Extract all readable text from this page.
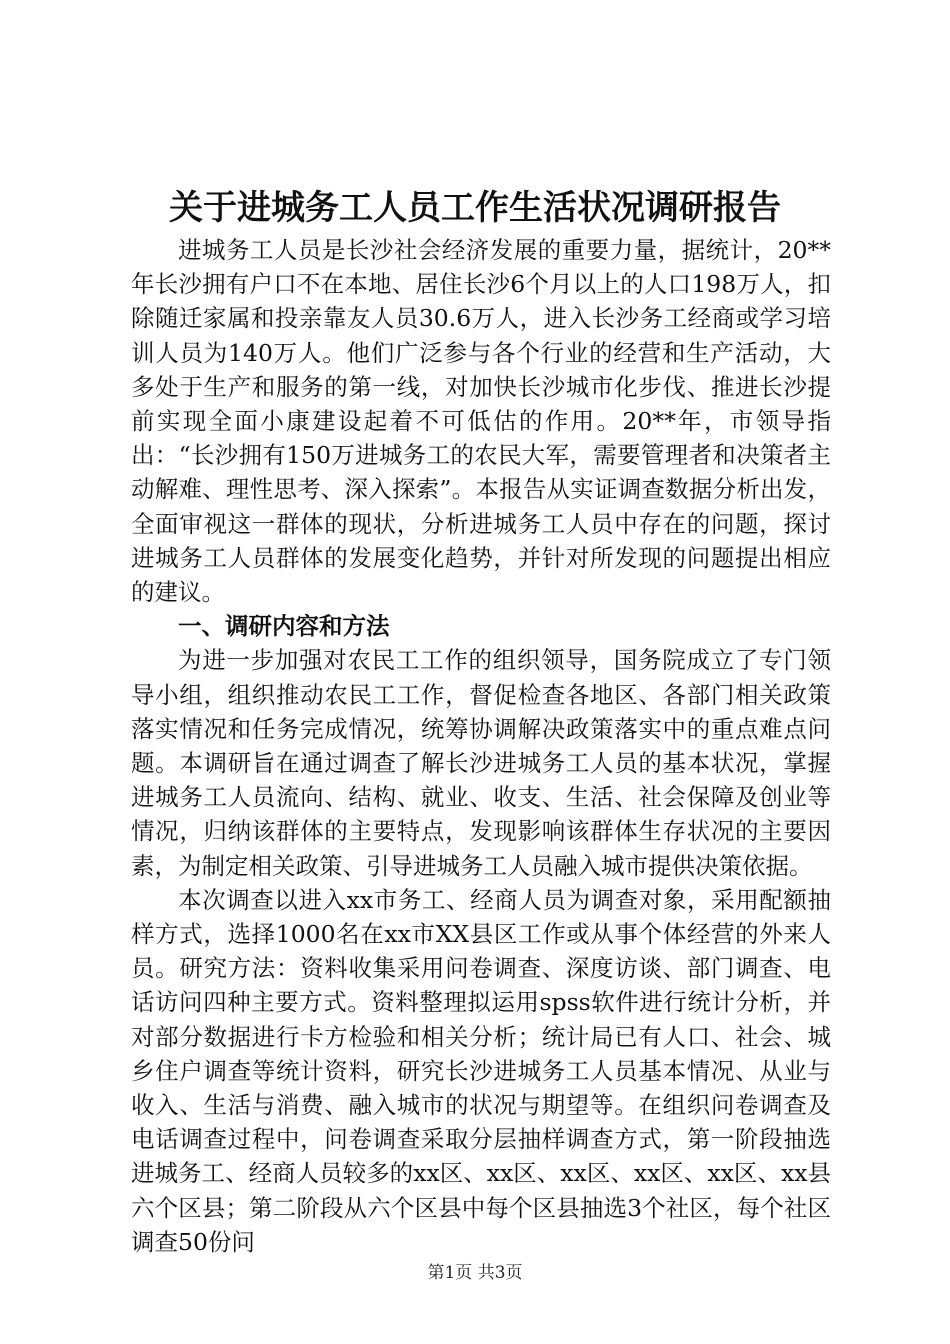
关于进城务工人员工作生活状况调研报告

进城务工人员是长沙社会经济发展的重要力量，据统计，20**年长沙拥有户口不在本地、居住长沙6个月以上的人口198万人，扣除随迁家属和投亲靠友人员30.6万人，进入长沙务工经商或学习培训人员为140万人。他们广泛参与各个行业的经营和生产活动，大多处于生产和服务的第一线，对加快长沙城市化步伐、推进长沙提前实现全面小康建设起着不可低估的作用。20**年，市领导指出：“长沙拥有150万进城务工的农民大军，需要管理者和决策者主动解难、理性思考、深入探索”。本报告从实证调查数据分析出发，全面审视这一群体的现状，分析进城务工人员中存在的问题，探讨进城务工人员群体的发展变化趋势，并针对所发现的问题提出相应的建议。

一、调研内容和方法

为进一步加强对农民工工作的组织领导，国务院成立了专门领导小组，组织推动农民工工作，督促检查各地区、各部门相关政策落实情况和任务完成情况，统筹协调解决政策落实中的重点难点问题。本调研旨在通过调查了解长沙进城务工人员的基本状况，掌握进城务工人员流向、结构、就业、收支、生活、社会保障及创业等情况，归纳该群体的主要特点，发现影响该群体生存状况的主要因素，为制定相关政策、引导进城务工人员融入城市提供决策依据。

本次调查以进入xx市务工、经商人员为调查对象，采用配额抽样方式，选择1000名在xx市XX县区工作或从事个体经营的外来人员。研究方法：资料收集采用问卷调查、深度访谈、部门调查、电话访问四种主要方式。资料整理拟运用spss软件进行统计分析，并对部分数据进行卡方检验和相关分析；统计局已有人口、社会、城乡住户调查等统计资料，研究长沙进城务工人员基本情况、从业与收入、生活与消费、融入城市的状况与期望等。在组织问卷调查及电话调查过程中，问卷调查采取分层抽样调查方式，第一阶段抽选进城务工、经商人员较多的xx区、xx区、xx区、xx区、xx区、xx县六个区县；第二阶段从六个区县中每个区县抽选3个社区，每个社区调查50份问

第1页 共3页
